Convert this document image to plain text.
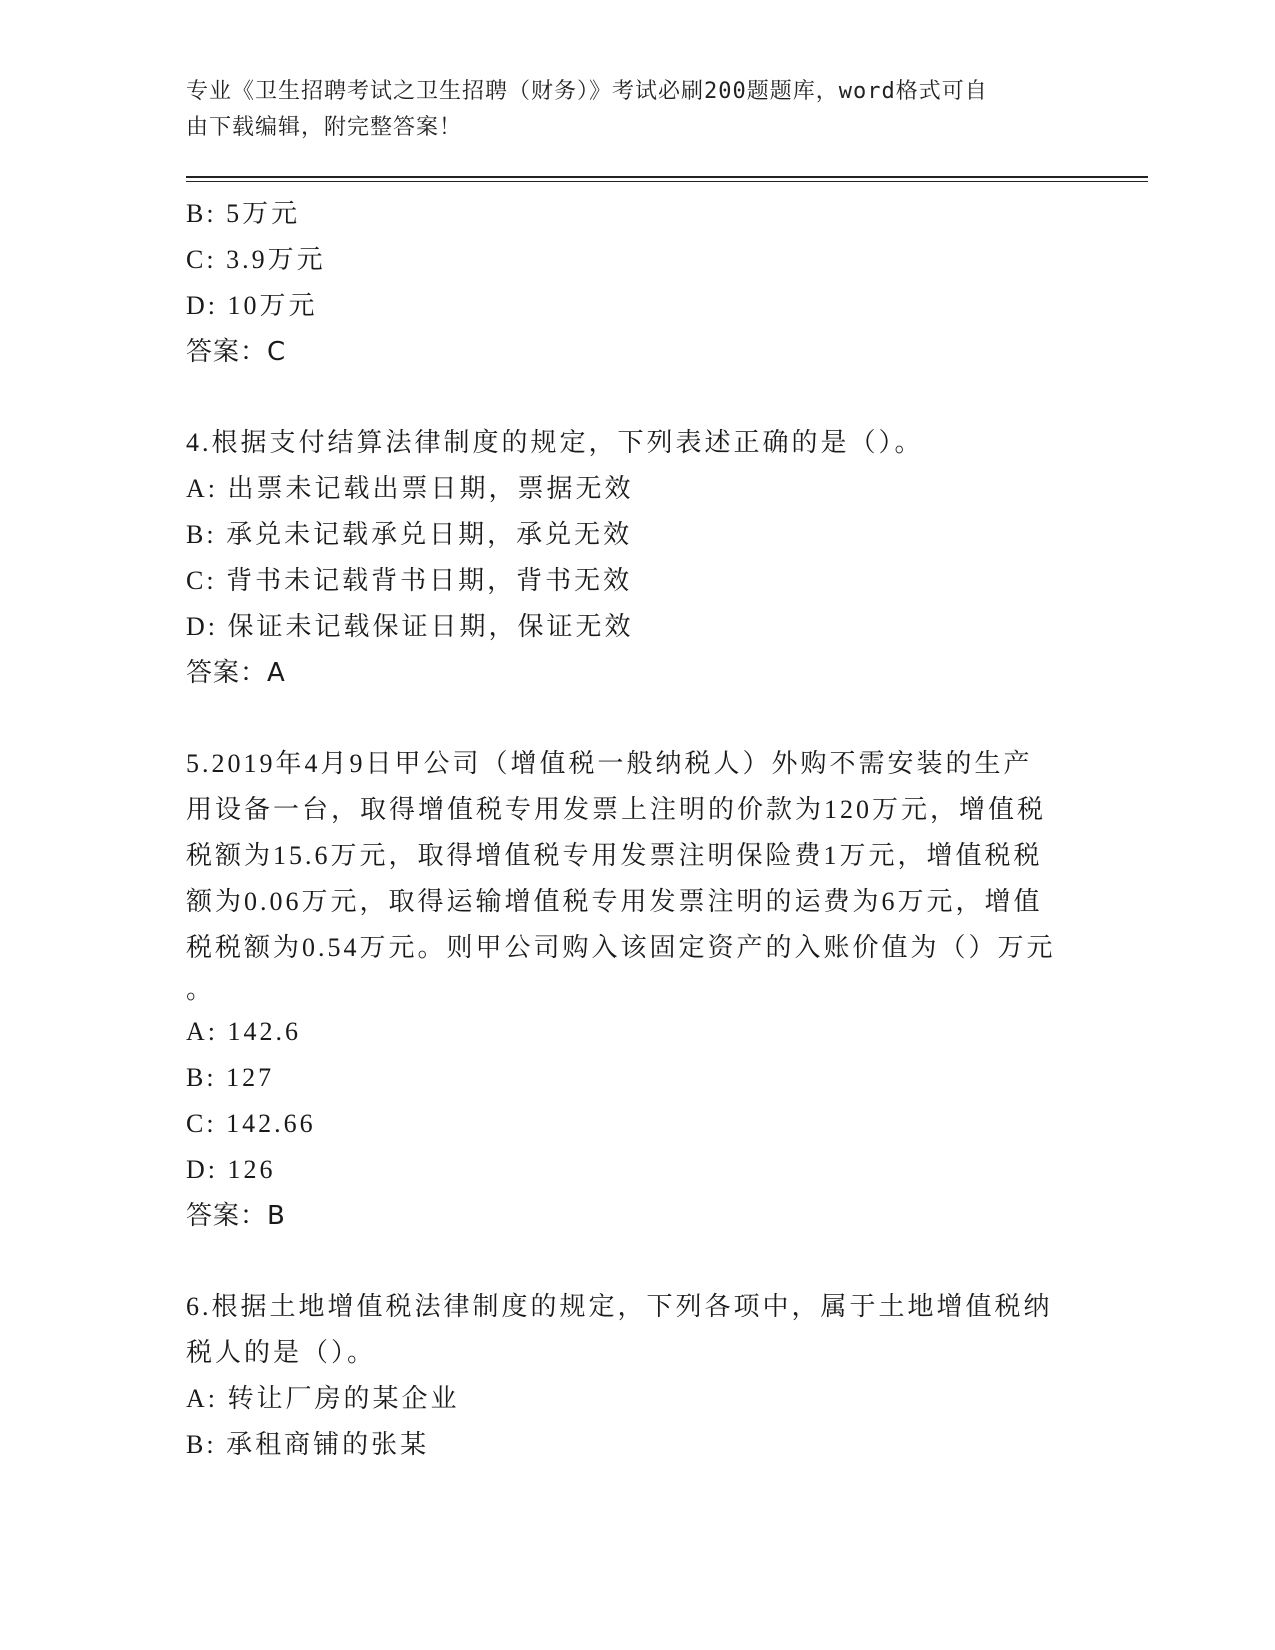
专业《卫生招聘考试之卫生招聘（财务）》考试必刷200题题库，word格式可自
由下载编辑，附完整答案！
B: 5万元
C: 3.9万元
D: 10万元
答案：C
4.根据支付结算法律制度的规定，下列表述正确的是（）。
A: 出票未记载出票日期，票据无效
B: 承兑未记载承兑日期，承兑无效
C: 背书未记载背书日期，背书无效
D: 保证未记载保证日期，保证无效
答案：A
5.2019年4月9日甲公司（增值税一般纳税人）外购不需安装的生产
用设备一台，取得增值税专用发票上注明的价款为120万元，增值税
税额为15.6万元，取得增值税专用发票注明保险费1万元，增值税税
额为0.06万元，取得运输增值税专用发票注明的运费为6万元，增值
税税额为0.54万元。则甲公司购入该固定资产的入账价值为（）万元
。
A: 142.6
B: 127
C: 142.66
D: 126
答案：B
6.根据土地增值税法律制度的规定，下列各项中，属于土地增值税纳
税人的是（）。
A: 转让厂房的某企业
B: 承租商铺的张某
